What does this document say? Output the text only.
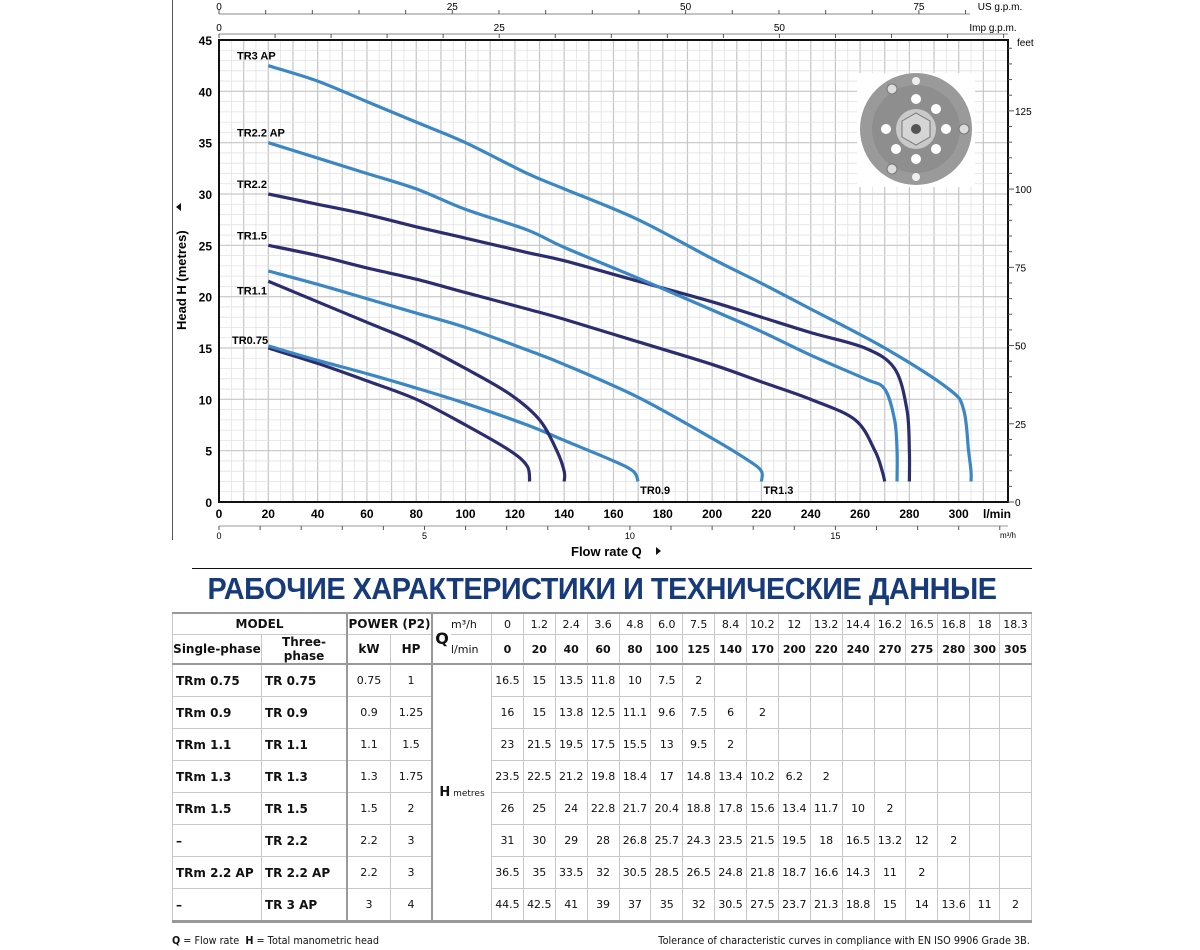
0	20	40	60	80	100 120 140 160 180 200 220 240 260 280 300
0
5
10
15
20
25
30
35
40
45
0	25	50	75
0	25	50
0	5	10	15
0
25
50
75
100
125
TR0.75
TR0.9
TR1.1
TR1.3
TR1.5
TR2.2
TR2.2 AP
TR3 AP
US g.p.m.
Imp g.p.m.
feet
l/min
m³/h
Flow rate Q
Head H (metres)
РАБОЧИЕ ХАРАКТЕРИСТИКИ И ТЕХНИЧЕСКИЕ ДАННЫЕ
MODEL		POWER (P2)		Q	m³/h	0	1.2	2.4	3.6	4.8	6.0	7.5	8.4	10.2	12	13.2	14.4	16.2	16.5	16.8	18	18.3
Single-phase	Three-phase	kW	HP		l/min	0	20	40	60	80	100	125	140	170	200	220	240	270	275	280	300	305
TRm 0.75	TR 0.75	0.75	1	H metres		16.5	15	13.5	11.8	10	7.5	2										
TRm 0.9	TR 0.9	0.9	1.25			16	15	13.8	12.5	11.1	9.6	7.5	6	2								
TRm 1.1	TR 1.1	1.1	1.5			23	21.5	19.5	17.5	15.5	13	9.5	2									
TRm 1.3	TR 1.3	1.3	1.75			23.5	22.5	21.2	19.8	18.4	17	14.8	13.4	10.2	6.2	2						
TRm 1.5	TR 1.5	1.5	2			26	25	24	22.8	21.7	20.4	18.8	17.8	15.6	13.4	11.7	10	2				
–	TR 2.2	2.2	3			31	30	29	28	26.8	25.7	24.3	23.5	21.5	19.5	18	16.5	13.2	12	2		
TRm 2.2 AP	TR 2.2 AP	2.2	3			36.5	35	33.5	32	30.5	28.5	26.5	24.8	21.8	18.7	16.6	14.3	11	2			
–	TR 3 AP	3	4			44.5	42.5	41	39	37	35	32	30.5	27.5	23.7	21.3	18.8	15	14	13.6	11	2
Q = Flow rate  H = Total manometric head	Tolerance of characteristic curves in compliance with EN ISO 9906 Grade 3B.
